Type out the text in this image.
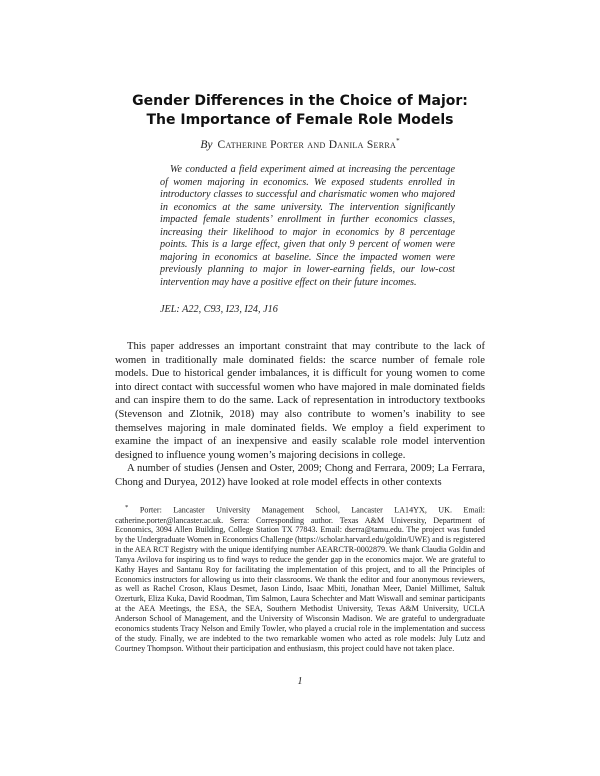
Gender Differences in the Choice of Major:
The Importance of Female Role Models
By Catherine Porter and Danila Serra*
We conducted a field experiment aimed at increasing the percentage of women majoring in economics. We exposed students enrolled in introductory classes to successful and charismatic women who majored in economics at the same university. The intervention significantly impacted female students’ enrollment in further economics classes, increasing their likelihood to major in economics by 8 percentage points. This is a large effect, given that only 9 percent of women were majoring in economics at baseline. Since the impacted women were previously planning to major in lower-earning fields, our low-cost intervention may have a positive effect on their future incomes.
JEL: A22, C93, I23, I24, J16
This paper addresses an important constraint that may contribute to the lack of women in traditionally male dominated fields: the scarce number of female role models. Due to historical gender imbalances, it is difficult for young women to come into direct contact with successful women who have majored in male dominated fields and can inspire them to do the same. Lack of representation in introductory textbooks (Stevenson and Zlotnik, 2018) may also contribute to women’s inability to see themselves majoring in male dominated fields. We employ a field experiment to examine the impact of an inexpensive and easily scalable role model intervention designed to influence young women’s majoring decisions in college.
A number of studies (Jensen and Oster, 2009; Chong and Ferrara, 2009; La Ferrara, Chong and Duryea, 2012) have looked at role model effects in other contexts
* Porter: Lancaster University Management School, Lancaster LA14YX, UK. Email: catherine.porter@lancaster.ac.uk. Serra: Corresponding author. Texas A&M University, Department of Economics, 3094 Allen Building, College Station TX 77843. Email: dserra@tamu.edu. The project was funded by the Undergraduate Women in Economics Challenge (https://scholar.harvard.edu/goldin/UWE) and is registered in the AEA RCT Registry with the unique identifying number AEARCTR-0002879. We thank Claudia Goldin and Tanya Avilova for inspiring us to find ways to reduce the gender gap in the economics major. We are grateful to Kathy Hayes and Santanu Roy for facilitating the implementation of this project, and to all the Principles of Economics instructors for allowing us into their classrooms. We thank the editor and four anonymous reviewers, as well as Rachel Croson, Klaus Desmet, Jason Lindo, Isaac Mbiti, Jonathan Meer, Daniel Millimet, Saltuk Ozerturk, Eliza Kuka, David Roodman, Tim Salmon, Laura Schechter and Matt Wiswall and seminar participants at the AEA Meetings, the ESA, the SEA, Southern Methodist University, Texas A&M University, UCLA Anderson School of Management, and the University of Wisconsin Madison. We are grateful to undergraduate economics students Tracy Nelson and Emily Towler, who played a crucial role in the implementation and success of the study. Finally, we are indebted to the two remarkable women who acted as role models: July Lutz and Courtney Thompson. Without their participation and enthusiasm, this project could have not taken place.
1
